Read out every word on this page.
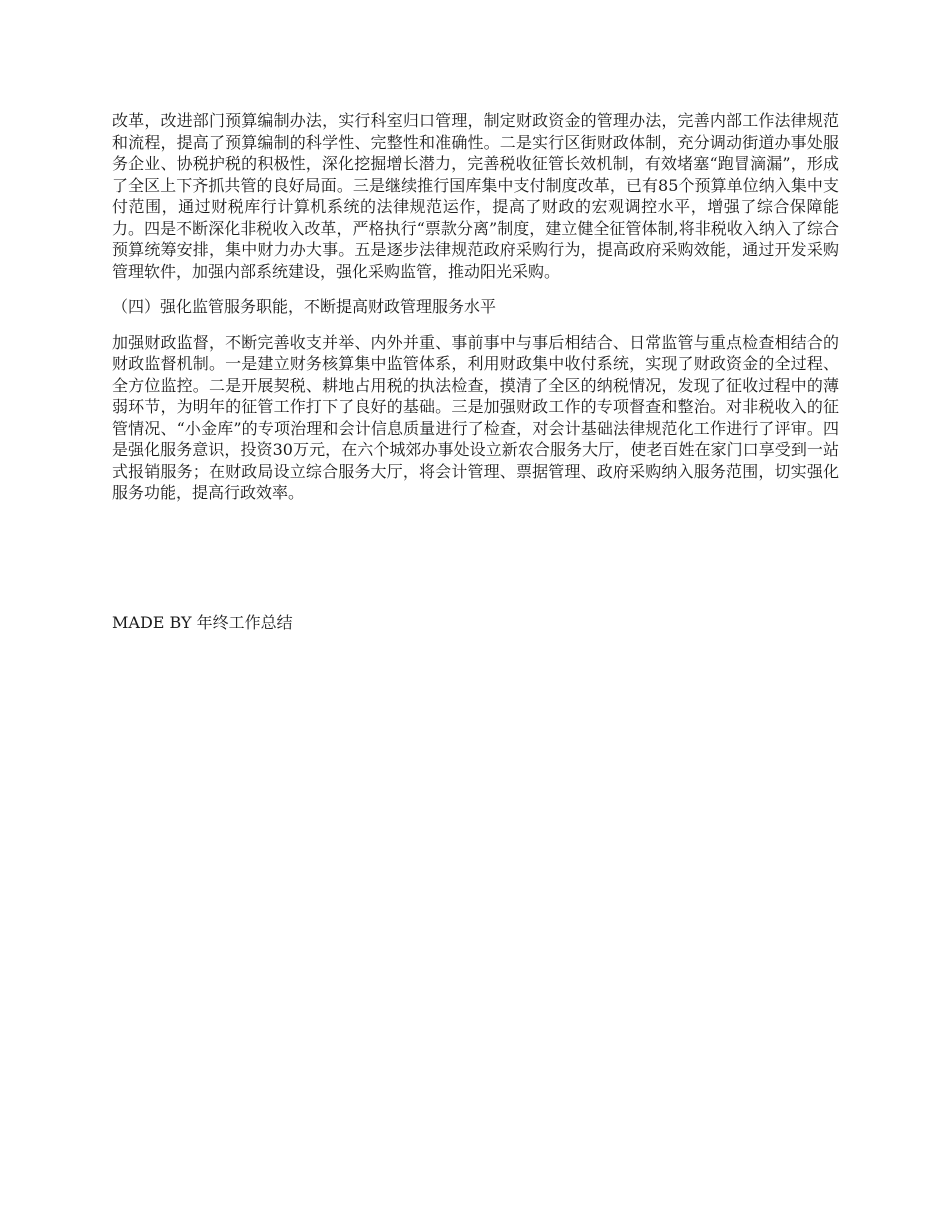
改革，改进部门预算编制办法，实行科室归口管理，制定财政资金的管理办法，完善内部工作法律规范和流程，提高了预算编制的科学性、完整性和准确性。二是实行区街财政体制，充分调动街道办事处服务企业、协税护税的积极性，深化挖掘增长潜力，完善税收征管长效机制，有效堵塞“跑冒滴漏”，形成了全区上下齐抓共管的良好局面。三是继续推行国库集中支付制度改革，已有85个预算单位纳入集中支付范围，通过财税库行计算机系统的法律规范运作，提高了财政的宏观调控水平，增强了综合保障能力。四是不断深化非税收入改革，严格执行“票款分离”制度，建立健全征管体制,将非税收入纳入了综合预算统筹安排，集中财力办大事。五是逐步法律规范政府采购行为，提高政府采购效能，通过开发采购管理软件，加强内部系统建设，强化采购监管，推动阳光采购。

（四）强化监管服务职能，不断提高财政管理服务水平

加强财政监督，不断完善收支并举、内外并重、事前事中与事后相结合、日常监管与重点检查相结合的财政监督机制。一是建立财务核算集中监管体系，利用财政集中收付系统，实现了财政资金的全过程、全方位监控。二是开展契税、耕地占用税的执法检查，摸清了全区的纳税情况，发现了征收过程中的薄弱环节，为明年的征管工作打下了良好的基础。三是加强财政工作的专项督查和整治。对非税收入的征管情况、“小金库”的专项治理和会计信息质量进行了检查，对会计基础法律规范化工作进行了评审。四是强化服务意识，投资30万元，在六个城郊办事处设立新农合服务大厅，使老百姓在家门口享受到一站式报销服务；在财政局设立综合服务大厅，将会计管理、票据管理、政府采购纳入服务范围，切实强化服务功能，提高行政效率。

MADE BY 年终工作总结
